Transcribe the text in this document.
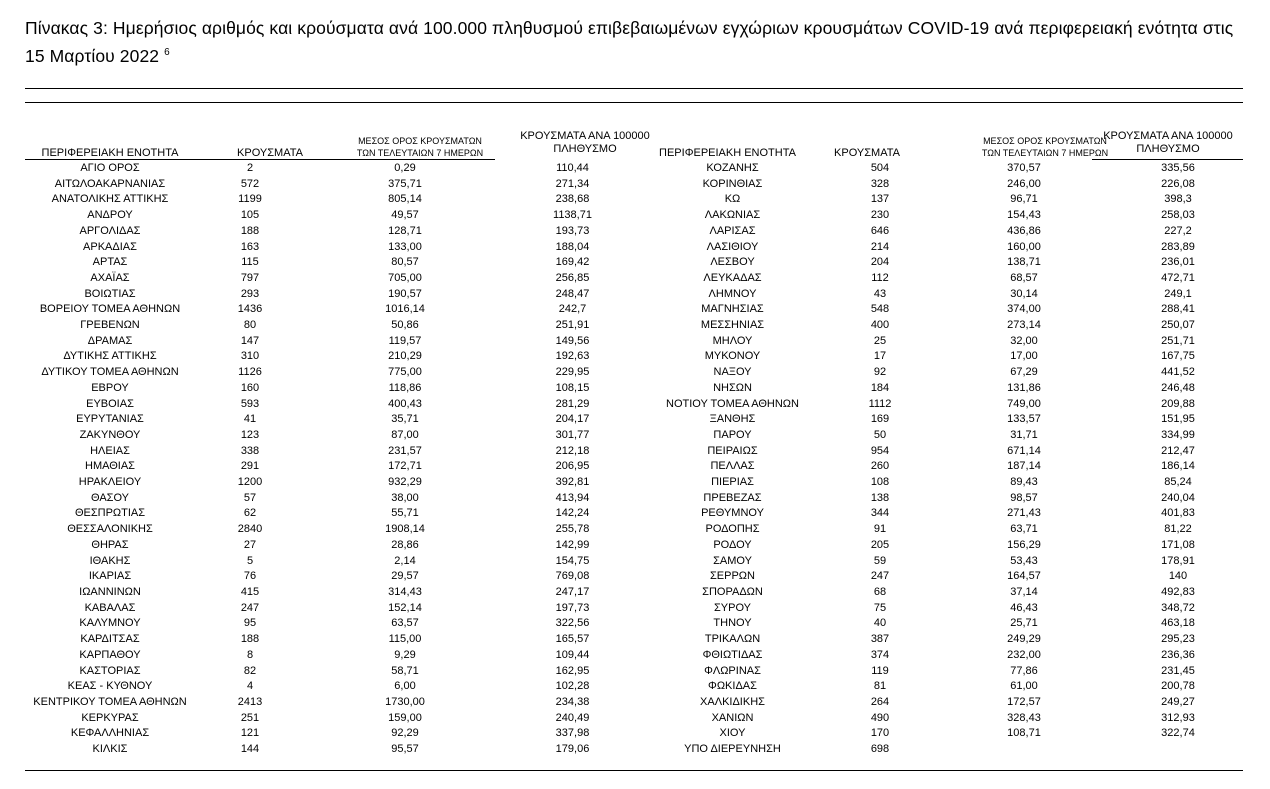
Πίνακας 3: Ημερήσιος αριθμός και κρούσματα ανά 100.000 πληθυσμού επιβεβαιωμένων εγχώριων κρουσμάτων COVID-19 ανά περιφερειακή ενότητα στις 15 Μαρτίου 2022 $^6$
ΠΕΡΙΦΕΡΕΙΑΚΗ ΕΝΟΤΗΤΑ	ΚΡΟΥΣΜΑΤΑ
ΜΕΣΟΣ ΟΡΟΣ ΚΡΟΥΣΜΑΤΩΝ
ΤΩΝ ΤΕΛΕΥΤΑΙΩΝ 7 ΗΜΕΡΩΝ
ΚΡΟΥΣΜΑΤΑ ΑΝΑ 100000
ΠΛΗΘΥΣΜΟ	ΠΕΡΙΦΕΡΕΙΑΚΗ ΕΝΟΤΗΤΑ	ΚΡΟΥΣΜΑΤΑ
ΜΕΣΟΣ ΟΡΟΣ ΚΡΟΥΣΜΑΤΩΝ
ΤΩΝ ΤΕΛΕΥΤΑΙΩΝ 7 ΗΜΕΡΩΝ
ΚΡΟΥΣΜΑΤΑ ΑΝΑ 100000
ΠΛΗΘΥΣΜΟ
ΑΓΙΟ ΟΡΟΣ	2	0,29	110,44	ΚΟΖΑΝΗΣ	504	370,57	335,56
ΑΙΤΩΛΟΑΚΑΡΝΑΝΙΑΣ	572	375,71	271,34	ΚΟΡΙΝΘΙΑΣ	328	246,00	226,08
ΑΝΑΤΟΛΙΚΗΣ ΑΤΤΙΚΗΣ	1199	805,14	238,68	ΚΩ	137	96,71	398,3
ΑΝΔΡΟΥ	105	49,57	1138,71	ΛΑΚΩΝΙΑΣ	230	154,43	258,03
ΑΡΓΟΛΙΔΑΣ	188	128,71	193,73	ΛΑΡΙΣΑΣ	646	436,86	227,2
ΑΡΚΑΔΙΑΣ	163	133,00	188,04	ΛΑΣΙΘΙΟΥ	214	160,00	283,89
ΑΡΤΑΣ	115	80,57	169,42	ΛΕΣΒΟΥ	204	138,71	236,01
ΑΧΑΪΑΣ	797	705,00	256,85	ΛΕΥΚΑΔΑΣ	112	68,57	472,71
ΒΟΙΩΤΙΑΣ	293	190,57	248,47	ΛΗΜΝΟΥ	43	30,14	249,1
ΒΟΡΕΙΟΥ ΤΟΜΕΑ ΑΘΗΝΩΝ	1436	1016,14	242,7	ΜΑΓΝΗΣΙΑΣ	548	374,00	288,41
ΓΡΕΒΕΝΩΝ	80	50,86	251,91	ΜΕΣΣΗΝΙΑΣ	400	273,14	250,07
ΔΡΑΜΑΣ	147	119,57	149,56	ΜΗΛΟΥ	25	32,00	251,71
ΔΥΤΙΚΗΣ ΑΤΤΙΚΗΣ	310	210,29	192,63	ΜΥΚΟΝΟΥ	17	17,00	167,75
ΔΥΤΙΚΟΥ ΤΟΜΕΑ ΑΘΗΝΩΝ	1126	775,00	229,95	ΝΑΞΟΥ	92	67,29	441,52
ΕΒΡΟΥ	160	118,86	108,15	ΝΗΣΩΝ	184	131,86	246,48
ΕΥΒΟΙΑΣ	593	400,43	281,29	ΝΟΤΙΟΥ ΤΟΜΕΑ ΑΘΗΝΩΝ	1112	749,00	209,88
ΕΥΡΥΤΑΝΙΑΣ	41	35,71	204,17	ΞΑΝΘΗΣ	169	133,57	151,95
ΖΑΚΥΝΘΟΥ	123	87,00	301,77	ΠΑΡΟΥ	50	31,71	334,99
ΗΛΕΙΑΣ	338	231,57	212,18	ΠΕΙΡΑΙΩΣ	954	671,14	212,47
ΗΜΑΘΙΑΣ	291	172,71	206,95	ΠΕΛΛΑΣ	260	187,14	186,14
ΗΡΑΚΛΕΙΟΥ	1200	932,29	392,81	ΠΙΕΡΙΑΣ	108	89,43	85,24
ΘΑΣΟΥ	57	38,00	413,94	ΠΡΕΒΕΖΑΣ	138	98,57	240,04
ΘΕΣΠΡΩΤΙΑΣ	62	55,71	142,24	ΡΕΘΥΜΝΟΥ	344	271,43	401,83
ΘΕΣΣΑΛΟΝΙΚΗΣ	2840	1908,14	255,78	ΡΟΔΟΠΗΣ	91	63,71	81,22
ΘΗΡΑΣ	27	28,86	142,99	ΡΟΔΟΥ	205	156,29	171,08
ΙΘΑΚΗΣ	5	2,14	154,75	ΣΑΜΟΥ	59	53,43	178,91
ΙΚΑΡΙΑΣ	76	29,57	769,08	ΣΕΡΡΩΝ	247	164,57	140
ΙΩΑΝΝΙΝΩΝ	415	314,43	247,17	ΣΠΟΡΑΔΩΝ	68	37,14	492,83
ΚΑΒΑΛΑΣ	247	152,14	197,73	ΣΥΡΟΥ	75	46,43	348,72
ΚΑΛΥΜΝΟΥ	95	63,57	322,56	ΤΗΝΟΥ	40	25,71	463,18
ΚΑΡΔΙΤΣΑΣ	188	115,00	165,57	ΤΡΙΚΑΛΩΝ	387	249,29	295,23
ΚΑΡΠΑΘΟΥ	8	9,29	109,44	ΦΘΙΩΤΙΔΑΣ	374	232,00	236,36
ΚΑΣΤΟΡΙΑΣ	82	58,71	162,95	ΦΛΩΡΙΝΑΣ	119	77,86	231,45
ΚΕΑΣ - ΚΥΘΝΟΥ	4	6,00	102,28	ΦΩΚΙΔΑΣ	81	61,00	200,78
ΚΕΝΤΡΙΚΟΥ ΤΟΜΕΑ ΑΘΗΝΩΝ	2413	1730,00	234,38	ΧΑΛΚΙΔΙΚΗΣ	264	172,57	249,27
ΚΕΡΚΥΡΑΣ	251	159,00	240,49	ΧΑΝΙΩΝ	490	328,43	312,93
ΚΕΦΑΛΛΗΝΙΑΣ	121	92,29	337,98	ΧΙΟΥ	170	108,71	322,74
ΚΙΛΚΙΣ	144	95,57	179,06	ΥΠΟ ΔΙΕΡΕΥΝΗΣΗ	698		
